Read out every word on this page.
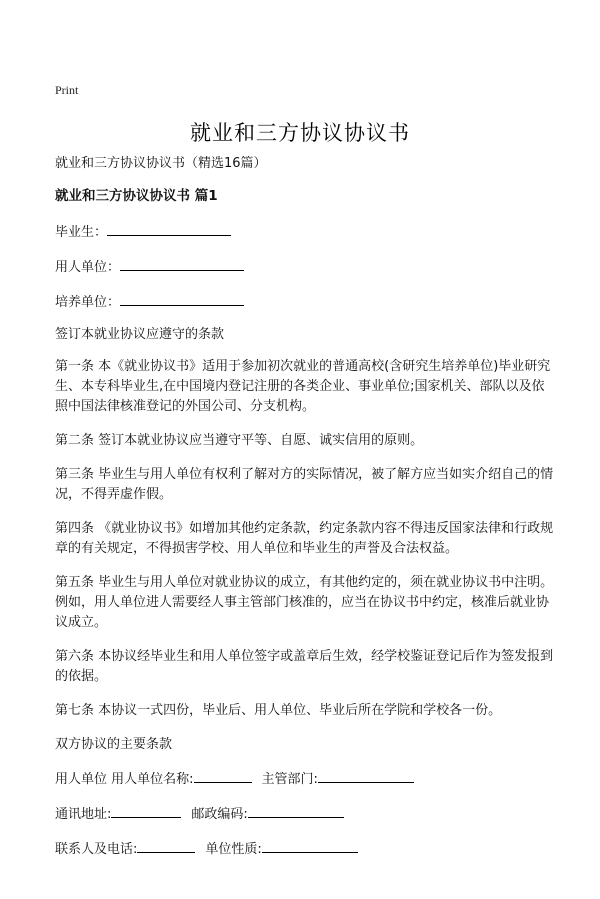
Print
就业和三方协议协议书

就业和三方协议协议书（精选16篇）

就业和三方协议协议书 篇1

毕业生：
用人单位：
培养单位：

签订本就业协议应遵守的条款

第一条 本《就业协议书》适用于参加初次就业的普通高校(含研究生培养单位)毕业研究生、本专科毕业生,在中国境内登记注册的各类企业、事业单位;国家机关、部队以及依照中国法律核准登记的外国公司、分支机构。

第二条 签订本就业协议应当遵守平等、自愿、诚实信用的原则。

第三条 毕业生与用人单位有权利了解对方的实际情况，被了解方应当如实介绍自己的情况，不得弄虚作假。

第四条 《就业协议书》如增加其他约定条款，约定条款内容不得违反国家法律和行政规章的有关规定，不得损害学校、用人单位和毕业生的声誉及合法权益。

第五条 毕业生与用人单位对就业协议的成立，有其他约定的，须在就业协议书中注明。例如，用人单位进人需要经人事主管部门核准的，应当在协议书中约定，核准后就业协议成立。

第六条 本协议经毕业生和用人单位签字或盖章后生效，经学校鉴证登记后作为签发报到的依据。

第七条 本协议一式四份，毕业后、用人单位、毕业后所在学院和学校各一份。

双方协议的主要条款

用人单位 用人单位名称:	主管部门:
通讯地址:	邮政编码:
联系人及电话:	单位性质:
